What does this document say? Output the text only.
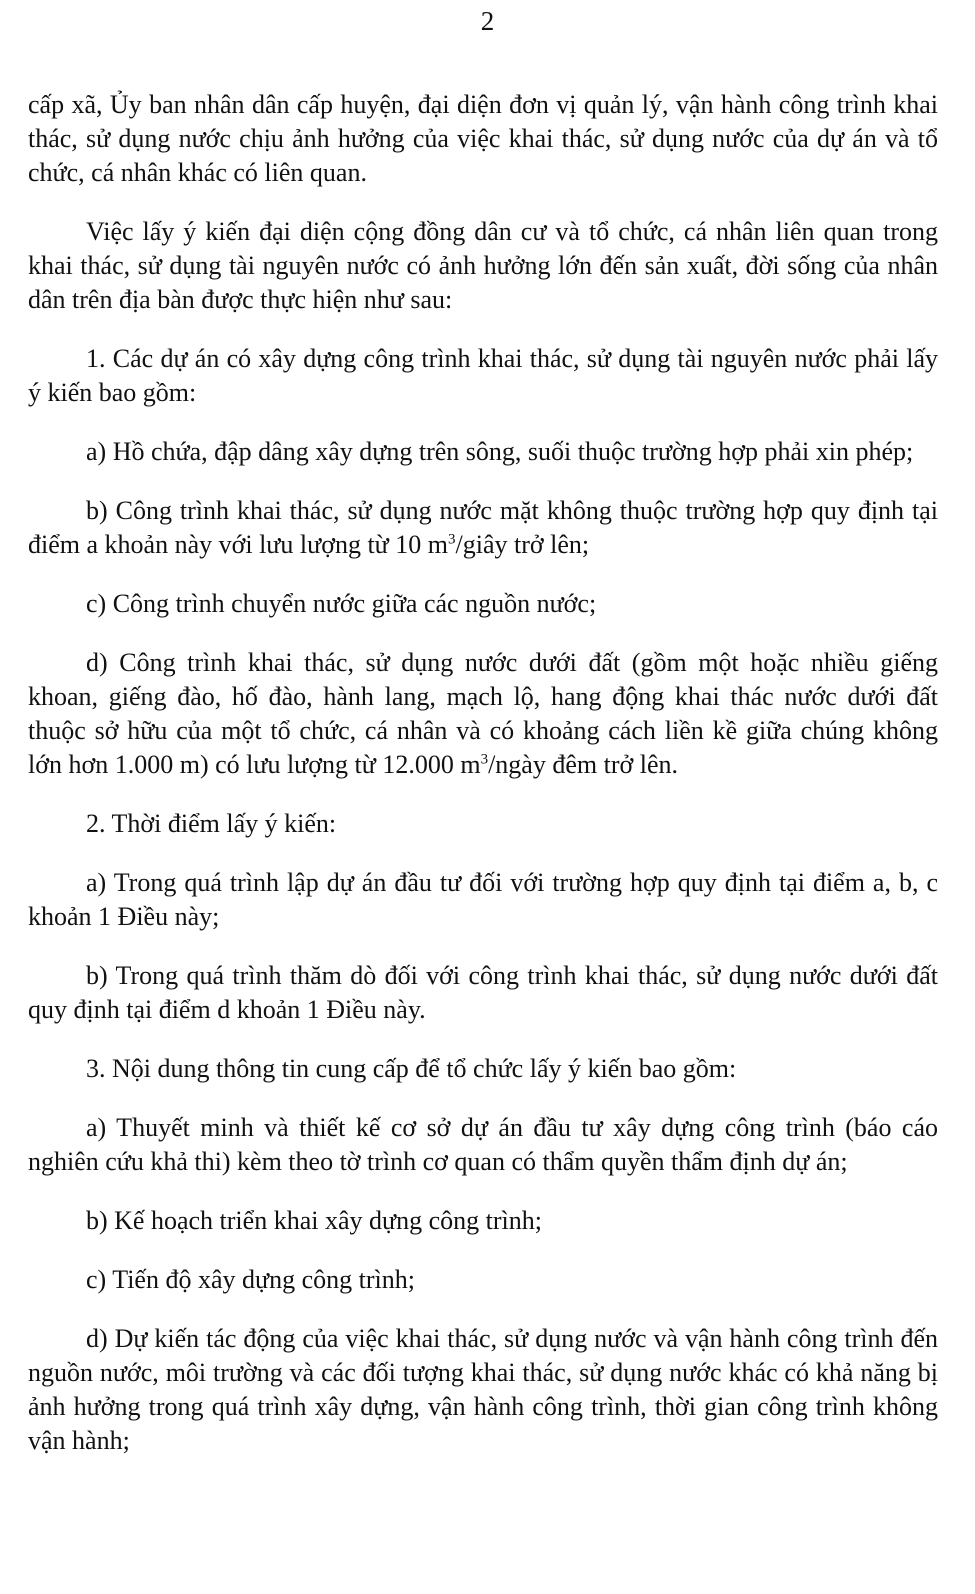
2

cấp xã, Ủy ban nhân dân cấp huyện, đại diện đơn vị quản lý, vận hành công trình khai thác, sử dụng nước chịu ảnh hưởng của việc khai thác, sử dụng nước của dự án và tổ chức, cá nhân khác có liên quan.

Việc lấy ý kiến đại diện cộng đồng dân cư và tổ chức, cá nhân liên quan trong khai thác, sử dụng tài nguyên nước có ảnh hưởng lớn đến sản xuất, đời sống của nhân dân trên địa bàn được thực hiện như sau:

1. Các dự án có xây dựng công trình khai thác, sử dụng tài nguyên nước phải lấy ý kiến bao gồm:

a) Hồ chứa, đập dâng xây dựng trên sông, suối thuộc trường hợp phải xin phép;

b) Công trình khai thác, sử dụng nước mặt không thuộc trường hợp quy định tại điểm a khoản này với lưu lượng từ 10 $m^3$/giây trở lên;

c) Công trình chuyển nước giữa các nguồn nước;

d) Công trình khai thác, sử dụng nước dưới đất (gồm một hoặc nhiều giếng khoan, giếng đào, hố đào, hành lang, mạch lộ, hang động khai thác nước dưới đất thuộc sở hữu của một tổ chức, cá nhân và có khoảng cách liền kề giữa chúng không lớn hơn 1.000 m) có lưu lượng từ 12.000 $m^3$/ngày đêm trở lên.

2. Thời điểm lấy ý kiến:

a) Trong quá trình lập dự án đầu tư đối với trường hợp quy định tại điểm a, b, c khoản 1 Điều này;

b) Trong quá trình thăm dò đối với công trình khai thác, sử dụng nước dưới đất quy định tại điểm d khoản 1 Điều này.

3. Nội dung thông tin cung cấp để tổ chức lấy ý kiến bao gồm:

a) Thuyết minh và thiết kế cơ sở dự án đầu tư xây dựng công trình (báo cáo nghiên cứu khả thi) kèm theo tờ trình cơ quan có thẩm quyền thẩm định dự án;

b) Kế hoạch triển khai xây dựng công trình;

c) Tiến độ xây dựng công trình;

d) Dự kiến tác động của việc khai thác, sử dụng nước và vận hành công trình đến nguồn nước, môi trường và các đối tượng khai thác, sử dụng nước khác có khả năng bị ảnh hưởng trong quá trình xây dựng, vận hành công trình, thời gian công trình không vận hành;
